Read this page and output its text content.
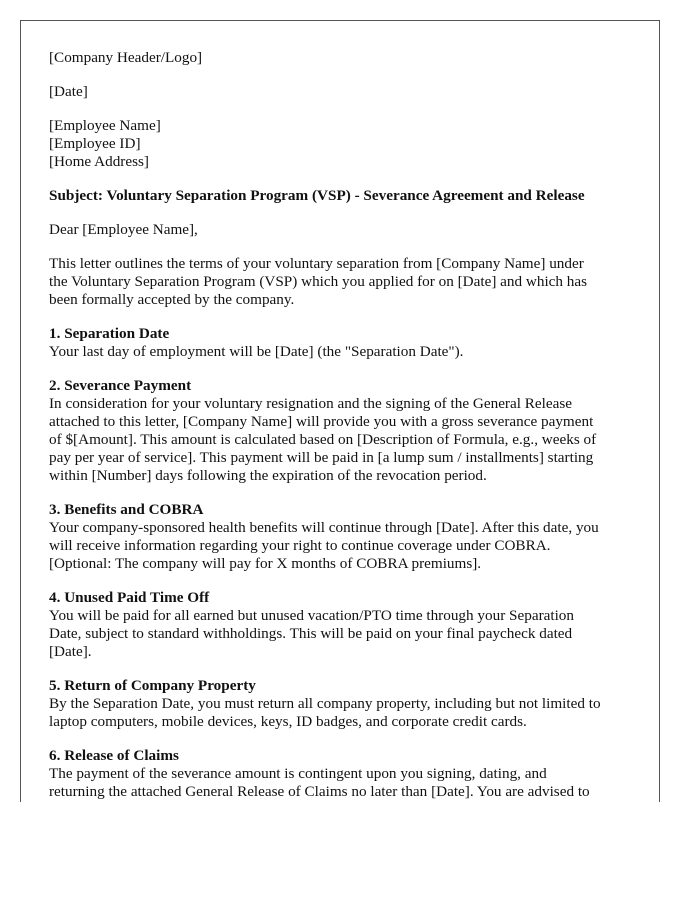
[Company Header/Logo]
[Date]
[Employee Name]
[Employee ID]
[Home Address]
Subject: Voluntary Separation Program (VSP) - Severance Agreement and Release
Dear [Employee Name],
This letter outlines the terms of your voluntary separation from [Company Name] under
the Voluntary Separation Program (VSP) which you applied for on [Date] and which has
been formally accepted by the company.
1. Separation Date
Your last day of employment will be [Date] (the "Separation Date").
2. Severance Payment
In consideration for your voluntary resignation and the signing of the General Release
attached to this letter, [Company Name] will provide you with a gross severance payment
of $[Amount]. This amount is calculated based on [Description of Formula, e.g., weeks of
pay per year of service]. This payment will be paid in [a lump sum / installments] starting
within [Number] days following the expiration of the revocation period.
3. Benefits and COBRA
Your company-sponsored health benefits will continue through [Date]. After this date, you
will receive information regarding your right to continue coverage under COBRA.
[Optional: The company will pay for X months of COBRA premiums].
4. Unused Paid Time Off
You will be paid for all earned but unused vacation/PTO time through your Separation
Date, subject to standard withholdings. This will be paid on your final paycheck dated
[Date].
5. Return of Company Property
By the Separation Date, you must return all company property, including but not limited to
laptop computers, mobile devices, keys, ID badges, and corporate credit cards.
6. Release of Claims
The payment of the severance amount is contingent upon you signing, dating, and
returning the attached General Release of Claims no later than [Date]. You are advised to
